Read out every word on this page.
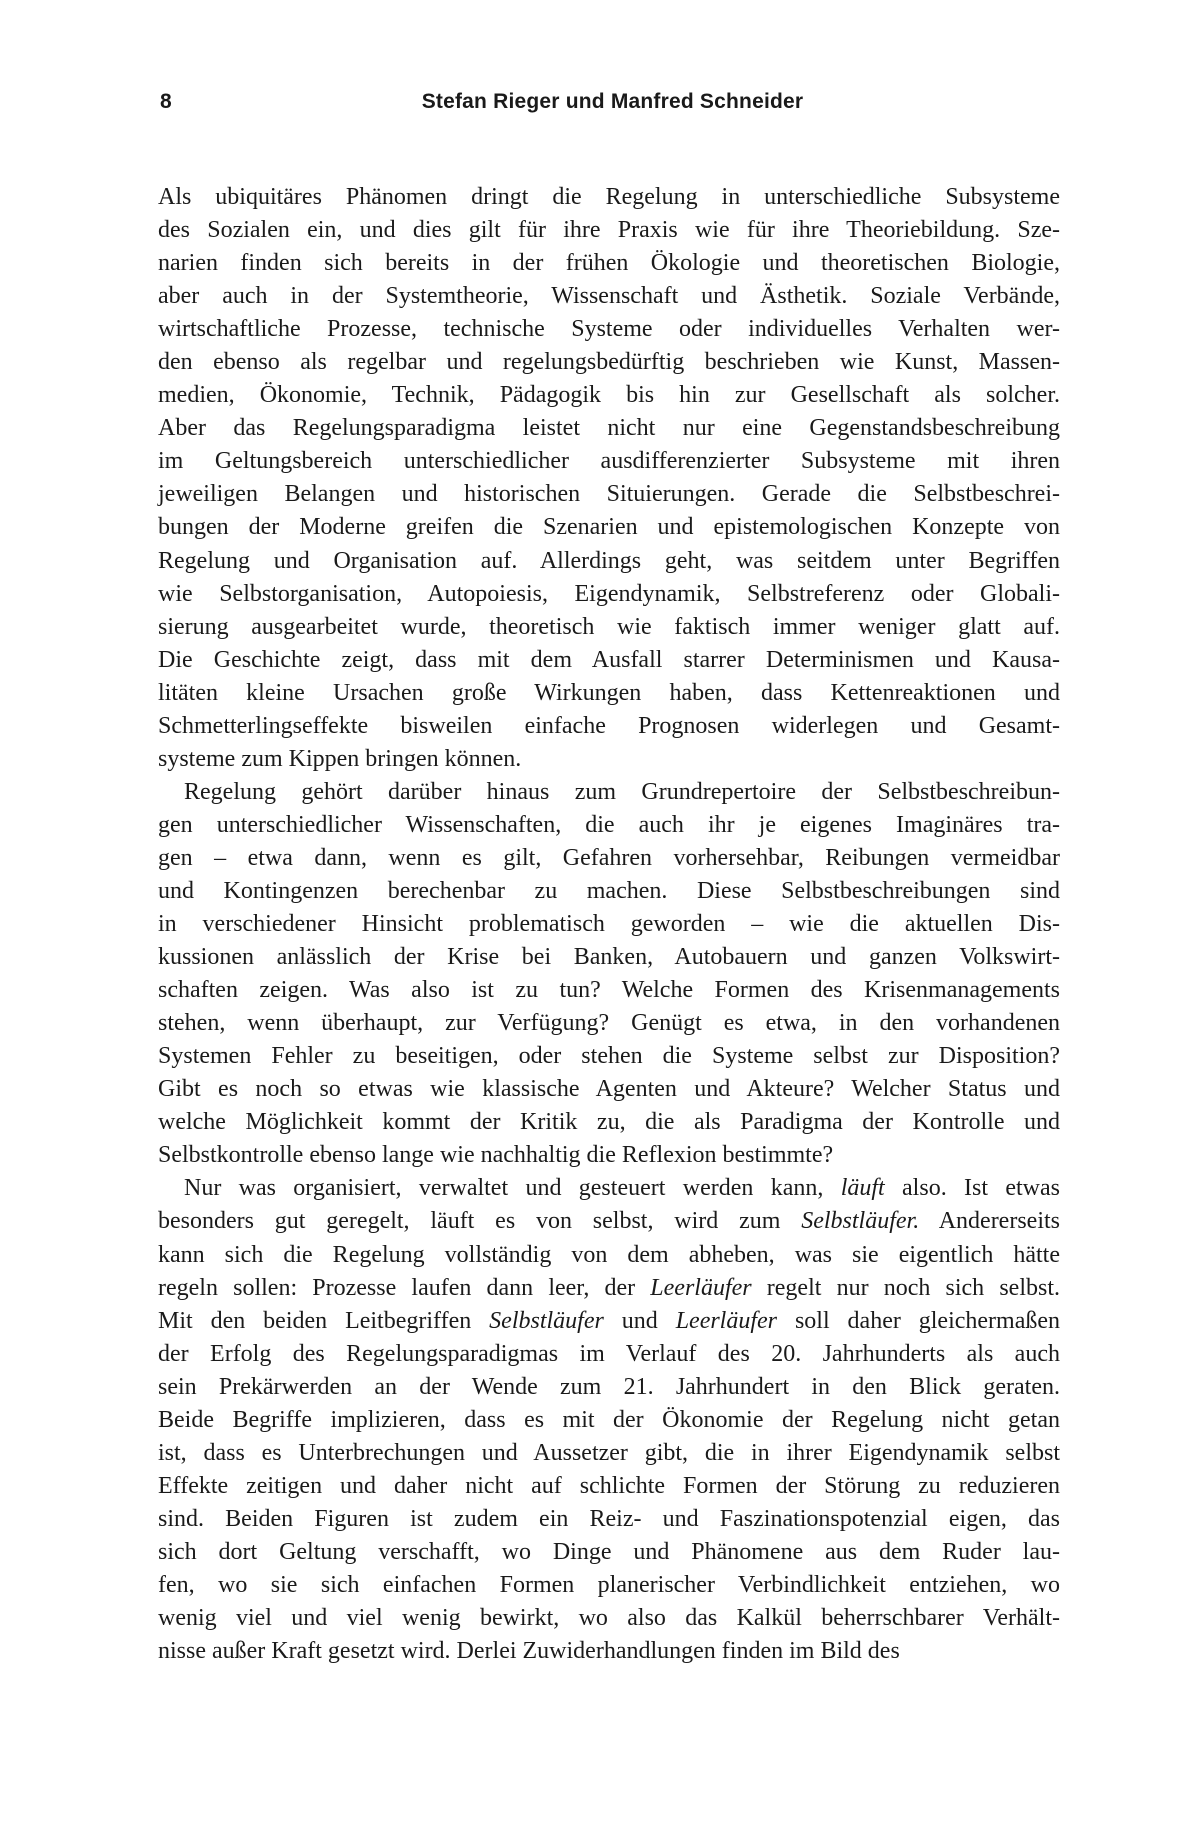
8	Stefan Rieger und Manfred Schneider
Als ubiquitäres Phänomen dringt die Regelung in unterschiedliche Subsysteme
des Sozialen ein, und dies gilt für ihre Praxis wie für ihre Theoriebildung. Sze-
narien finden sich bereits in der frühen Ökologie und theoretischen Biologie,
aber auch in der Systemtheorie, Wissenschaft und Ästhetik. Soziale Verbände,
wirtschaftliche Prozesse, technische Systeme oder individuelles Verhalten wer-
den ebenso als regelbar und regelungsbedürftig beschrieben wie Kunst, Massen-
medien, Ökonomie, Technik, Pädagogik bis hin zur Gesellschaft als solcher.
Aber das Regelungsparadigma leistet nicht nur eine Gegenstandsbeschreibung
im Geltungsbereich unterschiedlicher ausdifferenzierter Subsysteme mit ihren
jeweiligen Belangen und historischen Situierungen. Gerade die Selbstbeschrei-
bungen der Moderne greifen die Szenarien und epistemologischen Konzepte von
Regelung und Organisation auf. Allerdings geht, was seitdem unter Begriffen
wie Selbstorganisation, Autopoiesis, Eigendynamik, Selbstreferenz oder Globali-
sierung ausgearbeitet wurde, theoretisch wie faktisch immer weniger glatt auf.
Die Geschichte zeigt, dass mit dem Ausfall starrer Determinismen und Kausa-
litäten kleine Ursachen große Wirkungen haben, dass Kettenreaktionen und
Schmetterlingseffekte bisweilen einfache Prognosen widerlegen und Gesamt-
systeme zum Kippen bringen können.
Regelung gehört darüber hinaus zum Grundrepertoire der Selbstbeschreibun-
gen unterschiedlicher Wissenschaften, die auch ihr je eigenes Imaginäres tra-
gen – etwa dann, wenn es gilt, Gefahren vorhersehbar, Reibungen vermeidbar
und Kontingenzen berechenbar zu machen. Diese Selbstbeschreibungen sind
in verschiedener Hinsicht problematisch geworden – wie die aktuellen Dis-
kussionen anlässlich der Krise bei Banken, Autobauern und ganzen Volkswirt-
schaften zeigen. Was also ist zu tun? Welche Formen des Krisenmanagements
stehen, wenn überhaupt, zur Verfügung? Genügt es etwa, in den vorhandenen
Systemen Fehler zu beseitigen, oder stehen die Systeme selbst zur Disposition?
Gibt es noch so etwas wie klassische Agenten und Akteure? Welcher Status und
welche Möglichkeit kommt der Kritik zu, die als Paradigma der Kontrolle und
Selbstkontrolle ebenso lange wie nachhaltig die Reflexion bestimmte?
Nur was organisiert, verwaltet und gesteuert werden kann, läuft also. Ist etwas
besonders gut geregelt, läuft es von selbst, wird zum Selbstläufer. Andererseits
kann sich die Regelung vollständig von dem abheben, was sie eigentlich hätte
regeln sollen: Prozesse laufen dann leer, der Leerläufer regelt nur noch sich selbst.
Mit den beiden Leitbegriffen Selbstläufer und Leerläufer soll daher gleichermaßen
der Erfolg des Regelungsparadigmas im Verlauf des 20. Jahrhunderts als auch
sein Prekärwerden an der Wende zum 21. Jahrhundert in den Blick geraten.
Beide Begriffe implizieren, dass es mit der Ökonomie der Regelung nicht getan
ist, dass es Unterbrechungen und Aussetzer gibt, die in ihrer Eigendynamik selbst
Effekte zeitigen und daher nicht auf schlichte Formen der Störung zu reduzieren
sind. Beiden Figuren ist zudem ein Reiz- und Faszinationspotenzial eigen, das
sich dort Geltung verschafft, wo Dinge und Phänomene aus dem Ruder lau-
fen, wo sie sich einfachen Formen planerischer Verbindlichkeit entziehen, wo
wenig viel und viel wenig bewirkt, wo also das Kalkül beherrschbarer Verhält-
nisse außer Kraft gesetzt wird. Derlei Zuwiderhandlungen finden im Bild des
